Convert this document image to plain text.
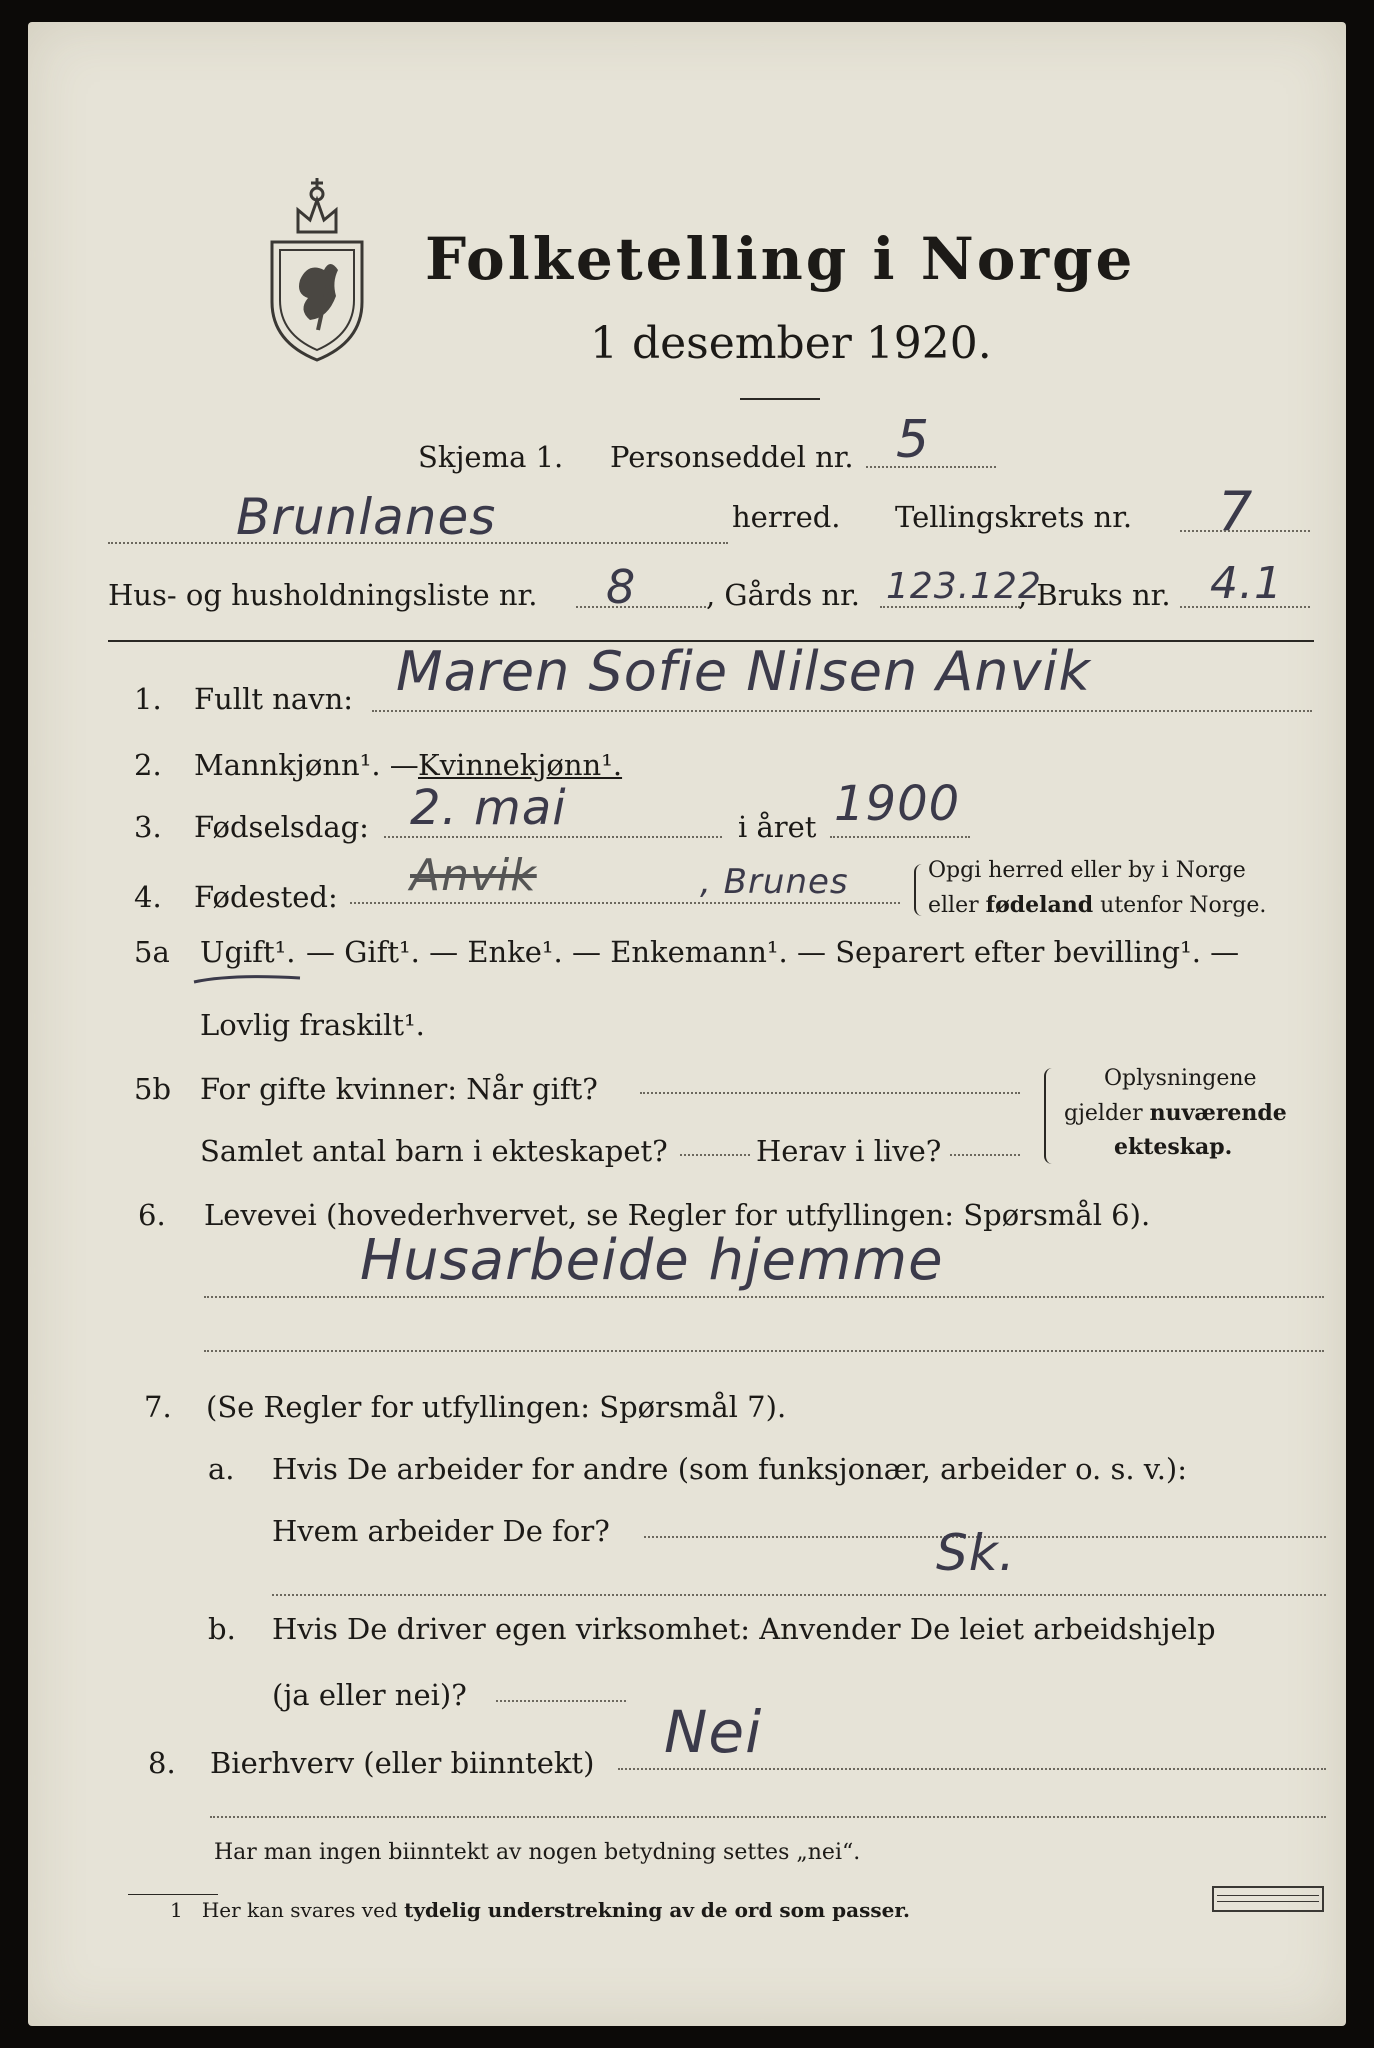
Folketelling i Norge
1 desember 1920.
Skjema 1. Personseddel nr. 5
Brunlanes	herred. Tellingskrets nr. 7
Hus- og husholdningsliste nr. 8 , Gårds nr. 123.122
, Bruks nr. 4.1
1. Fullt navn: Maren Sofie Nilsen Anvik
2. Mannkjønn¹. — Kvinnekjønn¹.
3. Fødselsdag: 2. mai	i året 1900
4. Fødested: Anvik	, Brunes	Opgi herred eller by i Norge
eller fødeland utenfor Norge.
5a Ugift¹. — Gift¹. — Enke¹. — Enkemann¹. — Separert efter bevilling¹. —
Lovlig fraskilt¹.
5b For gifte kvinner: Når gift?
Samlet antal barn i ekteskapet?	Herav i live?
Oplysningene
gjelder nuværende
ekteskap.
6. Levevei (hovederhvervet, se Regler for utfyllingen: Spørsmål 6).
Husarbeide hjemme
7. (Se Regler for utfyllingen: Spørsmål 7).
a. Hvis De arbeider for andre (som funksjonær, arbeider o. s. v.):
Hvem arbeider De for?	Sk.
b. Hvis De driver egen virksomhet: Anvender De leiet arbeidshjelp
(ja eller nei)?
8. Bierhverv (eller biinntekt) Nei
Har man ingen biinntekt av nogen betydning settes „nei“.
1 Her kan svares ved tydelig understrekning av de ord som passer.
